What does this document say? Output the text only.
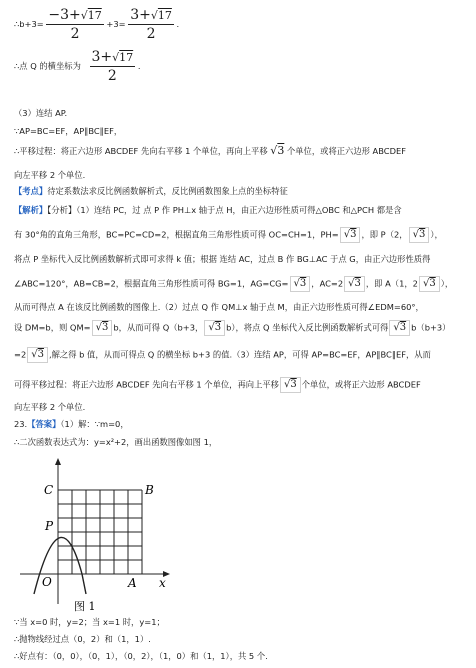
∴b+3= $\frac{-3+√17}{2} +3= \frac{3+√17}{2}$ .
∴点 Q 的横坐标为 $\frac{3+√17}{2}$ .
（3）连结 AP.
∵AP=BC=EF，AP∥BC∥EF，
∴平移过程：将正六边形 ABCDEF 先向右平移 1 个单位，再向上平移 √3 个单位，或将正六边形 ABCDEF
向左平移 2 个单位.
【考点】待定系数法求反比例函数解析式，反比例函数图象上点的坐标特征
【解析】【分析】（1）连结 PC，过 点 P 作 PH⊥x 轴于点 H，由正六边形性质可得△OBC 和△PCH 都是含
有 30°角的直角三角形，BC=PC=CD=2，根据直角三角形性质可得 OC=CH=1，PH= √3 ，即 P（2， √3 ），
将点 P 坐标代入反比例函数解析式即可求得 k 值；根据 连结 AC，过点 B 作 BG⊥AC 于点 G，由正六边形性质得
∠ABC=120°，AB=CB=2，根据直角三角形性质可得 BG=1，AG=CG= √3 ，AC=2 √3 ，即 A（1，2 √3 ），
从而可得点 A 在该反比例函数的图像上.（2）过点 Q 作 QM⊥x 轴于点 M，由正六边形性质可得∠EDM=60°，
设 DM=b，则 QM= √3 b，从而可得 Q（b+3， √3 b），将点 Q 坐标代入反比例函数解析式可得 √3 b（b+3）
=2 √3 ,解之得 b 值，从而可得点 Q 的横坐标 b+3 的值.（3）连结 AP，可得 AP=BC=EF，AP∥BC∥EF，从而
可得平移过程：将正六边形 ABCDEF 先向右平移 1 个单位，再向上平移 √3 个单位，或将正六边形 ABCDEF
向左平移 2 个单位.
23.【答案】（1）解：∵m=0，
∴二次函数表达式为：y=x²+2，画出函数图像如图 1，
C	B
P
O	A x
图 1
∵当 x=0 时，y=2；当 x=1 时，y=1；
∴抛物线经过点（0，2）和（1，1）.
∴好点有：（0，0），（0，1），（0，2），（1，0）和（1，1），共 5 个.
